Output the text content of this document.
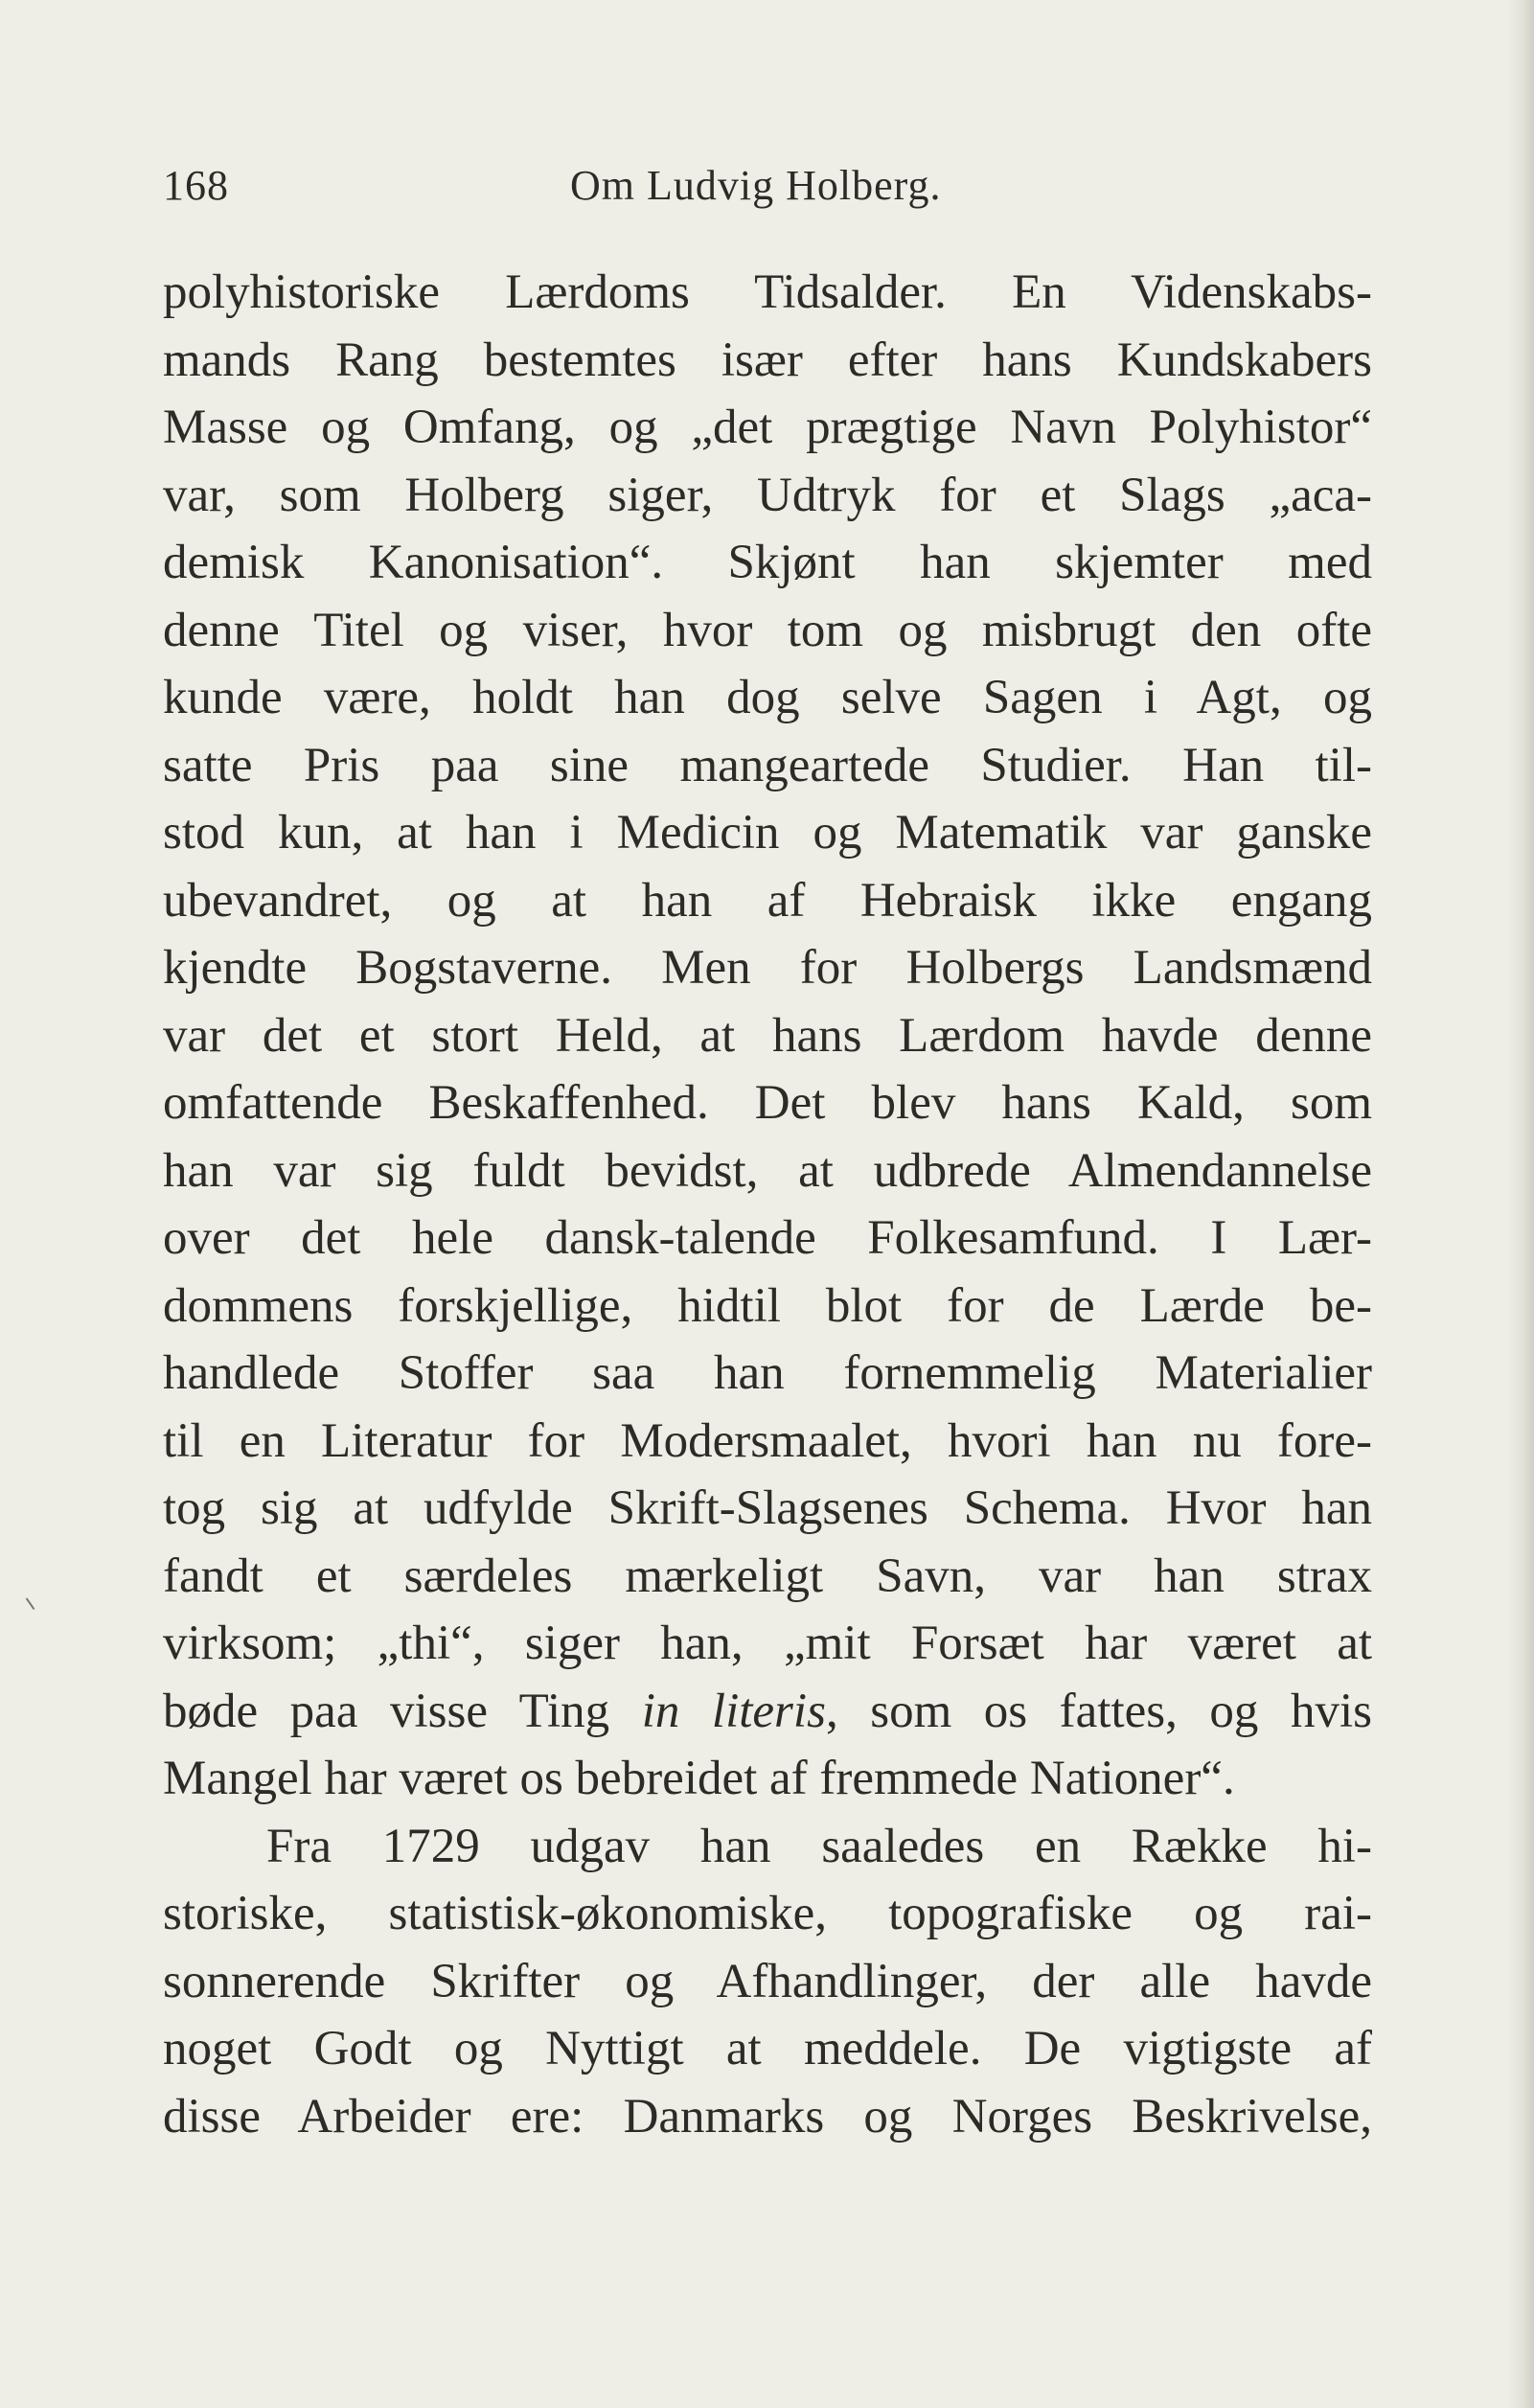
168	Om Ludvig Holberg.
polyhistoriske Lærdoms Tidsalder. En Videnskabs-
mands Rang bestemtes især efter hans Kundskabers
Masse og Omfang, og „det prægtige Navn Polyhistor“
var, som Holberg siger, Udtryk for et Slags „aca-
demisk Kanonisation“. Skjønt han skjemter med
denne Titel og viser, hvor tom og misbrugt den ofte
kunde være, holdt han dog selve Sagen i Agt, og
satte Pris paa sine mangeartede Studier. Han til-
stod kun, at han i Medicin og Matematik var ganske
ubevandret, og at han af Hebraisk ikke engang
kjendte Bogstaverne. Men for Holbergs Landsmænd
var det et stort Held, at hans Lærdom havde denne
omfattende Beskaffenhed. Det blev hans Kald, som
han var sig fuldt bevidst, at udbrede Almendannelse
over det hele dansk-talende Folkesamfund. I Lær-
dommens forskjellige, hidtil blot for de Lærde be-
handlede Stoffer saa han fornemmelig Materialier
til en Literatur for Modersmaalet, hvori han nu fore-
tog sig at udfylde Skrift-Slagsenes Schema. Hvor han
fandt et særdeles mærkeligt Savn, var han strax
virksom; „thi“, siger han, „mit Forsæt har været at
bøde paa visse Ting in literis, som os fattes, og hvis
Mangel har været os bebreidet af fremmede Nationer“.
Fra 1729 udgav han saaledes en Række hi-
storiske, statistisk-økonomiske, topografiske og rai-
sonnerende Skrifter og Afhandlinger, der alle havde
noget Godt og Nyttigt at meddele. De vigtigste af
disse Arbeider ere: Danmarks og Norges Beskrivelse,
